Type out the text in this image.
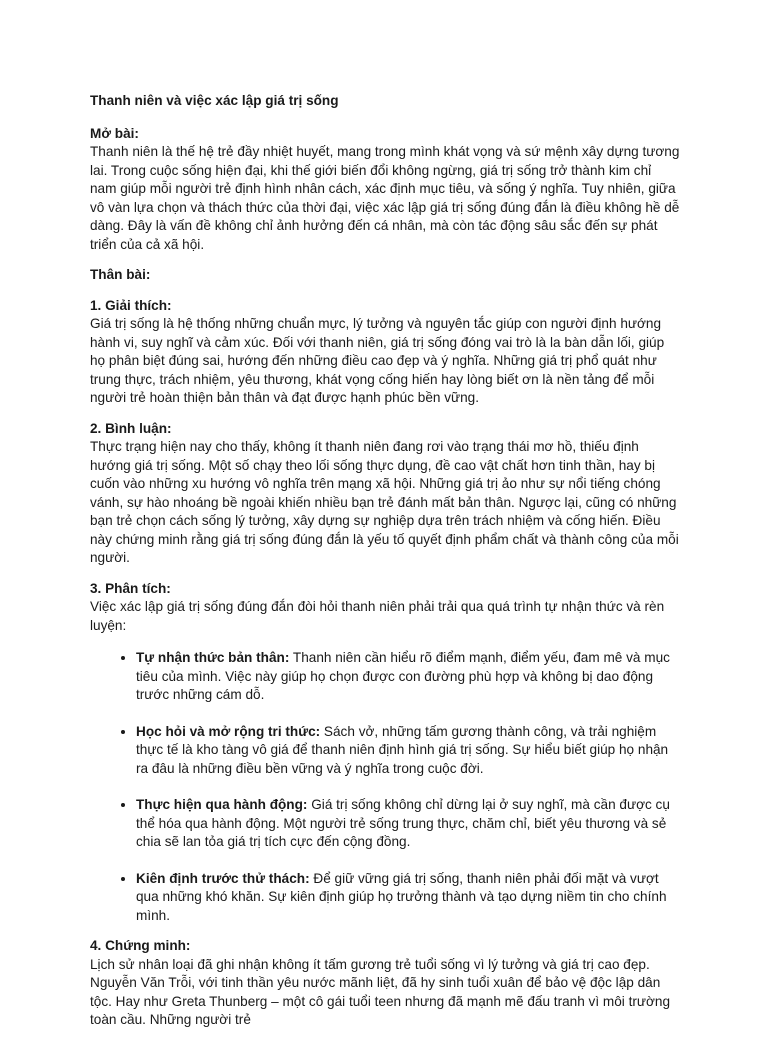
Thanh niên và việc xác lập giá trị sống

Mở bài:
Thanh niên là thế hệ trẻ đầy nhiệt huyết, mang trong mình khát vọng và sứ mệnh xây dựng tương lai. Trong cuộc sống hiện đại, khi thế giới biến đổi không ngừng, giá trị sống trở thành kim chỉ nam giúp mỗi người trẻ định hình nhân cách, xác định mục tiêu, và sống ý nghĩa. Tuy nhiên, giữa vô vàn lựa chọn và thách thức của thời đại, việc xác lập giá trị sống đúng đắn là điều không hề dễ dàng. Đây là vấn đề không chỉ ảnh hưởng đến cá nhân, mà còn tác động sâu sắc đến sự phát triển của cả xã hội.

Thân bài:

1. Giải thích:
Giá trị sống là hệ thống những chuẩn mực, lý tưởng và nguyên tắc giúp con người định hướng hành vi, suy nghĩ và cảm xúc. Đối với thanh niên, giá trị sống đóng vai trò là la bàn dẫn lối, giúp họ phân biệt đúng sai, hướng đến những điều cao đẹp và ý nghĩa. Những giá trị phổ quát như trung thực, trách nhiệm, yêu thương, khát vọng cống hiến hay lòng biết ơn là nền tảng để mỗi người trẻ hoàn thiện bản thân và đạt được hạnh phúc bền vững.

2. Bình luận:
Thực trạng hiện nay cho thấy, không ít thanh niên đang rơi vào trạng thái mơ hồ, thiếu định hướng giá trị sống. Một số chạy theo lối sống thực dụng, đề cao vật chất hơn tinh thần, hay bị cuốn vào những xu hướng vô nghĩa trên mạng xã hội. Những giá trị ảo như sự nổi tiếng chóng vánh, sự hào nhoáng bề ngoài khiến nhiều bạn trẻ đánh mất bản thân. Ngược lại, cũng có những bạn trẻ chọn cách sống lý tưởng, xây dựng sự nghiệp dựa trên trách nhiệm và cống hiến. Điều này chứng minh rằng giá trị sống đúng đắn là yếu tố quyết định phẩm chất và thành công của mỗi người.

3. Phân tích:
Việc xác lập giá trị sống đúng đắn đòi hỏi thanh niên phải trải qua quá trình tự nhận thức và rèn luyện:

• Tự nhận thức bản thân: Thanh niên cần hiểu rõ điểm mạnh, điểm yếu, đam mê và mục tiêu của mình. Việc này giúp họ chọn được con đường phù hợp và không bị dao động trước những cám dỗ.
• Học hỏi và mở rộng tri thức: Sách vở, những tấm gương thành công, và trải nghiệm thực tế là kho tàng vô giá để thanh niên định hình giá trị sống. Sự hiểu biết giúp họ nhận ra đâu là những điều bền vững và ý nghĩa trong cuộc đời.
• Thực hiện qua hành động: Giá trị sống không chỉ dừng lại ở suy nghĩ, mà cần được cụ thể hóa qua hành động. Một người trẻ sống trung thực, chăm chỉ, biết yêu thương và sẻ chia sẽ lan tỏa giá trị tích cực đến cộng đồng.
• Kiên định trước thử thách: Để giữ vững giá trị sống, thanh niên phải đối mặt và vượt qua những khó khăn. Sự kiên định giúp họ trưởng thành và tạo dựng niềm tin cho chính mình.

4. Chứng minh:
Lịch sử nhân loại đã ghi nhận không ít tấm gương trẻ tuổi sống vì lý tưởng và giá trị cao đẹp. Nguyễn Văn Trỗi, với tinh thần yêu nước mãnh liệt, đã hy sinh tuổi xuân để bảo vệ độc lập dân tộc. Hay như Greta Thunberg – một cô gái tuổi teen nhưng đã mạnh mẽ đấu tranh vì môi trường toàn cầu. Những người trẻ
